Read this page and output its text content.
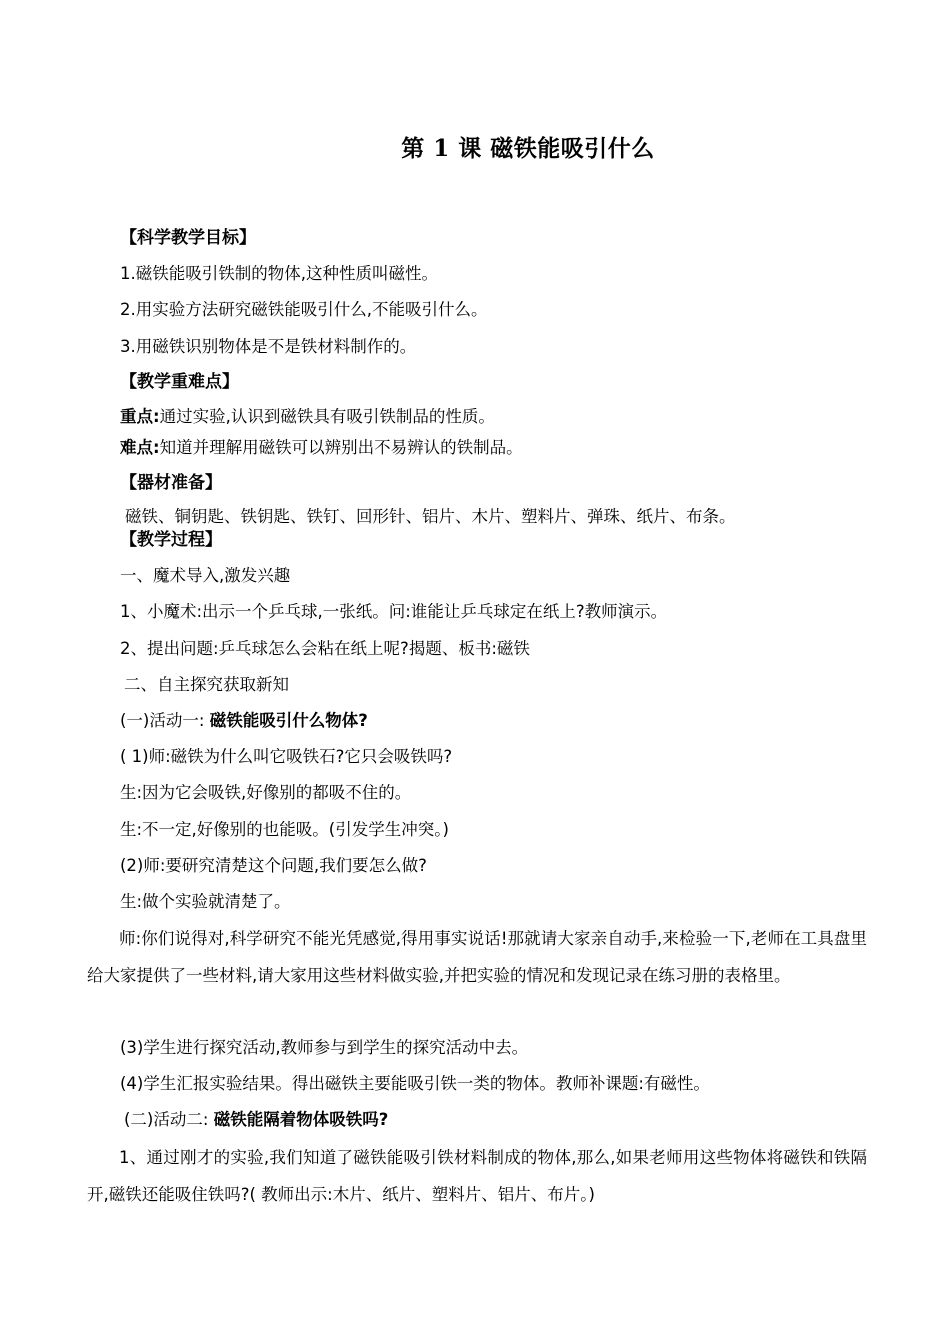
第 1 课 磁铁能吸引什么
【科学教学目标】
1.磁铁能吸引铁制的物体,这种性质叫磁性。
2.用实验方法研究磁铁能吸引什么,不能吸引什么。
3.用磁铁识别物体是不是铁材料制作的。
【教学重难点】
重点:通过实验,认识到磁铁具有吸引铁制品的性质。
难点:知道并理解用磁铁可以辨别出不易辨认的铁制品。
【器材准备】
磁铁、铜钥匙、铁钥匙、铁钉、回形针、铝片、木片、塑料片、弹珠、纸片、布条。
【教学过程】
一、魔术导入,激发兴趣
1、小魔术:出示一个乒乓球,一张纸。问:谁能让乒乓球定在纸上?教师演示。
2、提出问题:乒乓球怎么会粘在纸上呢?揭题、板书:磁铁
二、自主探究获取新知
(一)活动一: 磁铁能吸引什么物体?
( 1)师:磁铁为什么叫它吸铁石?它只会吸铁吗?
生:因为它会吸铁,好像别的都吸不住的。
生:不一定,好像别的也能吸。(引发学生冲突。)
(2)师:要研究清楚这个问题,我们要怎么做?
生:做个实验就清楚了。
师:你们说得对,科学研究不能光凭感觉,得用事实说话!那就请大家亲自动手,来检验一下,老师在工具盘里给大家提供了一些材料,请大家用这些材料做实验,并把实验的情况和发现记录在练习册的表格里。
(3)学生进行探究活动,教师参与到学生的探究活动中去。
(4)学生汇报实验结果。得出磁铁主要能吸引铁一类的物体。教师补课题:有磁性。
(二)活动二: 磁铁能隔着物体吸铁吗?
1、通过刚才的实验,我们知道了磁铁能吸引铁材料制成的物体,那么,如果老师用这些物体将磁铁和铁隔开,磁铁还能吸住铁吗?( 教师出示:木片、纸片、塑料片、铝片、布片。)
